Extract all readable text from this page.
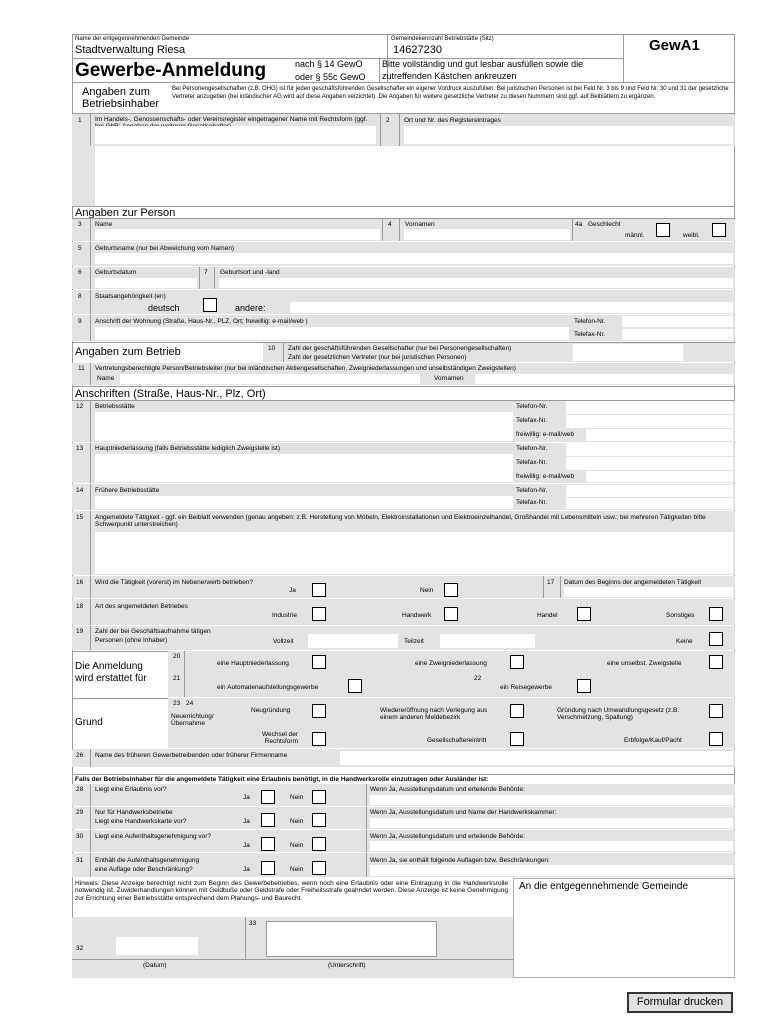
Name der entgegennehmenden Gemeinde
Stadtverwaltung Riesa
Gemeindekennzahl Betriebstätte (Sitz)
14627230	GewA1
Gewerbe-Anmeldung	nach § 14 GewO
oder § 55c GewO
Bitte vollständig und gut lesbar ausfüllen sowie die
zutreffenden Kästchen ankreuzen
Angaben zum
Betriebsinhaber
Bei Personengesellschaften (z.B. OHG) ist für jeden geschäftsführenden Gesellschafter ein eigener Vordruck auszufüllen. Bei juristischen Personen ist bei Feld Nr. 3 bis 9 und Feld Nr. 30 und 31 der gesetzliche Vertreter anzugeben (bei inländischer AG wird auf diese Angaben verzichtet). Die Angaben für weitere gesetzliche Vertreter zu diesen Nummern sind ggf. auf Beiblättern zu ergänzen.
1 Im Handels-, Genossenschafts- oder Vereinsregister eingetragener Name mit Rechtsform (ggf.	2 Ort und Nr. des Registereintrages
Angaben zur Person
3 Name	4 Vornamen	4a Geschlecht
männl.	weibl.
5 Geburtsname (nur bei Abweichung vom Namen)
6 Geburtsdatum	7 Geburtsort und -land
8 Staatsangehörigkeit (en)
deutsch	andere:
9 Anschrift der Wohnung (Straße, Haus-Nr., PLZ, Ort; freiwillig: e-mail/web )	Telefon-Nr.
Telefax-Nr.
Angaben zum Betrieb	10 Zahl der geschäftsführenden Gesellschafter (nur bei Personengesellschaften)
Zahl der gesetzlichen Vertreter (nur bei juristischen Personen)
11 Vertretungsberechtigte Person/Betriebsleiter (nur bei inländischen Aktiengesellschaften, Zweigniederlassungen und unselbständigen Zweigstellen)
Name	Vornamen
Anschriften (Straße, Haus-Nr., Plz, Ort)
12 Betriebsstätte	Telefon-Nr.
Telefax-Nr.
freiwillig: e-mail/web
13 Hauptniederlassung (falls Betriebsstätte lediglich Zweigstelle ist)	Telefon-Nr.
Telefax-Nr.
freiwillig: e-mail/web
14 Frühere Betriebsstätte	Telefon-Nr.
Telefax-Nr.
15 Angemeldete Tätigkeit - ggf. ein Beiblatt verwenden (genau angeben: z.B. Herstellung von Möbeln, Elektroinstallationen und Elektroeinzelhandel, Großhandel mit Lebensmitteln usw.; bei mehreren Tätigkeiten bitte Schwerpunkt unterstreichen)
16 Wird die Tätigkeit (vorerst) im Nebenerwerb betrieben?
Ja	Nein
17 Datum des Beginns der angemeldeten Tätigkeit
18 Art des angemeldeten Betriebes
Industrie	Handwerk	Handel	Sonstiges
19 Zahl der bei Geschäftsaufnahme tätigen
Personen (ohne Inhaber)	Vollzeit	Teilzeit	Keine
Die Anmeldung
wird erstattet für
20
eine Hauptniederlassung	eine Zweigniederlassung	eine unselbst. Zweigstelle
21
ein Automatenaufstellungsgewerbe
22
ein Reisegewerbe
Grund
23 24
Neuerrichtung/ Übernahme
Neugründung	Wiedereröffnung nach Verlegung aus einem anderen Meldebezirk
Gründung nach Umwandlungsgesetz (z.B. Verschmelzung, Spaltung)
Wechsel der Rechtsform	Gesellschaftereintritt	Erbfolge/Kauf/Pacht
26 Name des früheren Gewerbetreibenden oder früherer Firmenname
Falls der Betriebsinhaber für die angemeldete Tätigkeit eine Erlaubnis benötigt, in die Handwerksrolle einzutragen oder Ausländer ist:
28 Liegt eine Erlaubnis vor?
Ja	Nein
Wenn Ja, Ausstellungsdatum und erteilende Behörde:
29 Nur für Handwerksbetriebe
Liegt eine Handwerkskarte vor?	Ja	Nein
Wenn Ja, Ausstellungsdatum und Name der Handwerkskammer:
30 Liegt eine Aufenthaltsgenehmigung vor?
Ja	Nein
Wenn Ja, Ausstellungsdatum und erteilende Behörde:
31 Enthält die Aufenthaltsgenehmigung
eine Auflage oder Beschränkung?	Ja	Nein
Wenn Ja, sie enthält folgende Auflagen bzw. Beschränkungen:
Hinweis: Diese Anzeige berechtigt nicht zum Beginn des Gewerbebetriebes, wenn noch eine Erlaubnis oder eine Eintragung in die Handwerksrolle notwendig ist. Zuwiderhandlungen können mit Geldbuße oder Geldstrafe oder Freiheitsstrafe geahndet werden. Diese Anzeige ist keine Genehmigung zur Errichtung einer Betriebsstätte entsprechend dem Planungs- und Baurecht.
An die entgegennehmende Gemeinde
32
33
(Datum)	(Unterschrift)
Formular drucken
